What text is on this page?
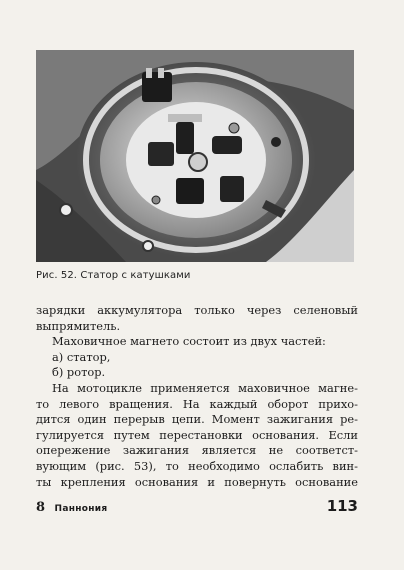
Рис. 52. Статор с катушками
зарядки аккумулятора только через селеновый
выпрямитель.
Маховичное магнето состоит из двух частей:
а) статор,
б) ротор.
На мотоцикле применяется маховичное магне-
то левого вращения. На каждый оборот прихо-
дится один перерыв цепи. Момент зажигания ре-
гулируется путем перестановки основания. Если
опережение зажигания является не соответст-
вующим (рис. 53), то необходимо ослабить вин-
ты крепления основания и повернуть основание
8 Паннония	113
